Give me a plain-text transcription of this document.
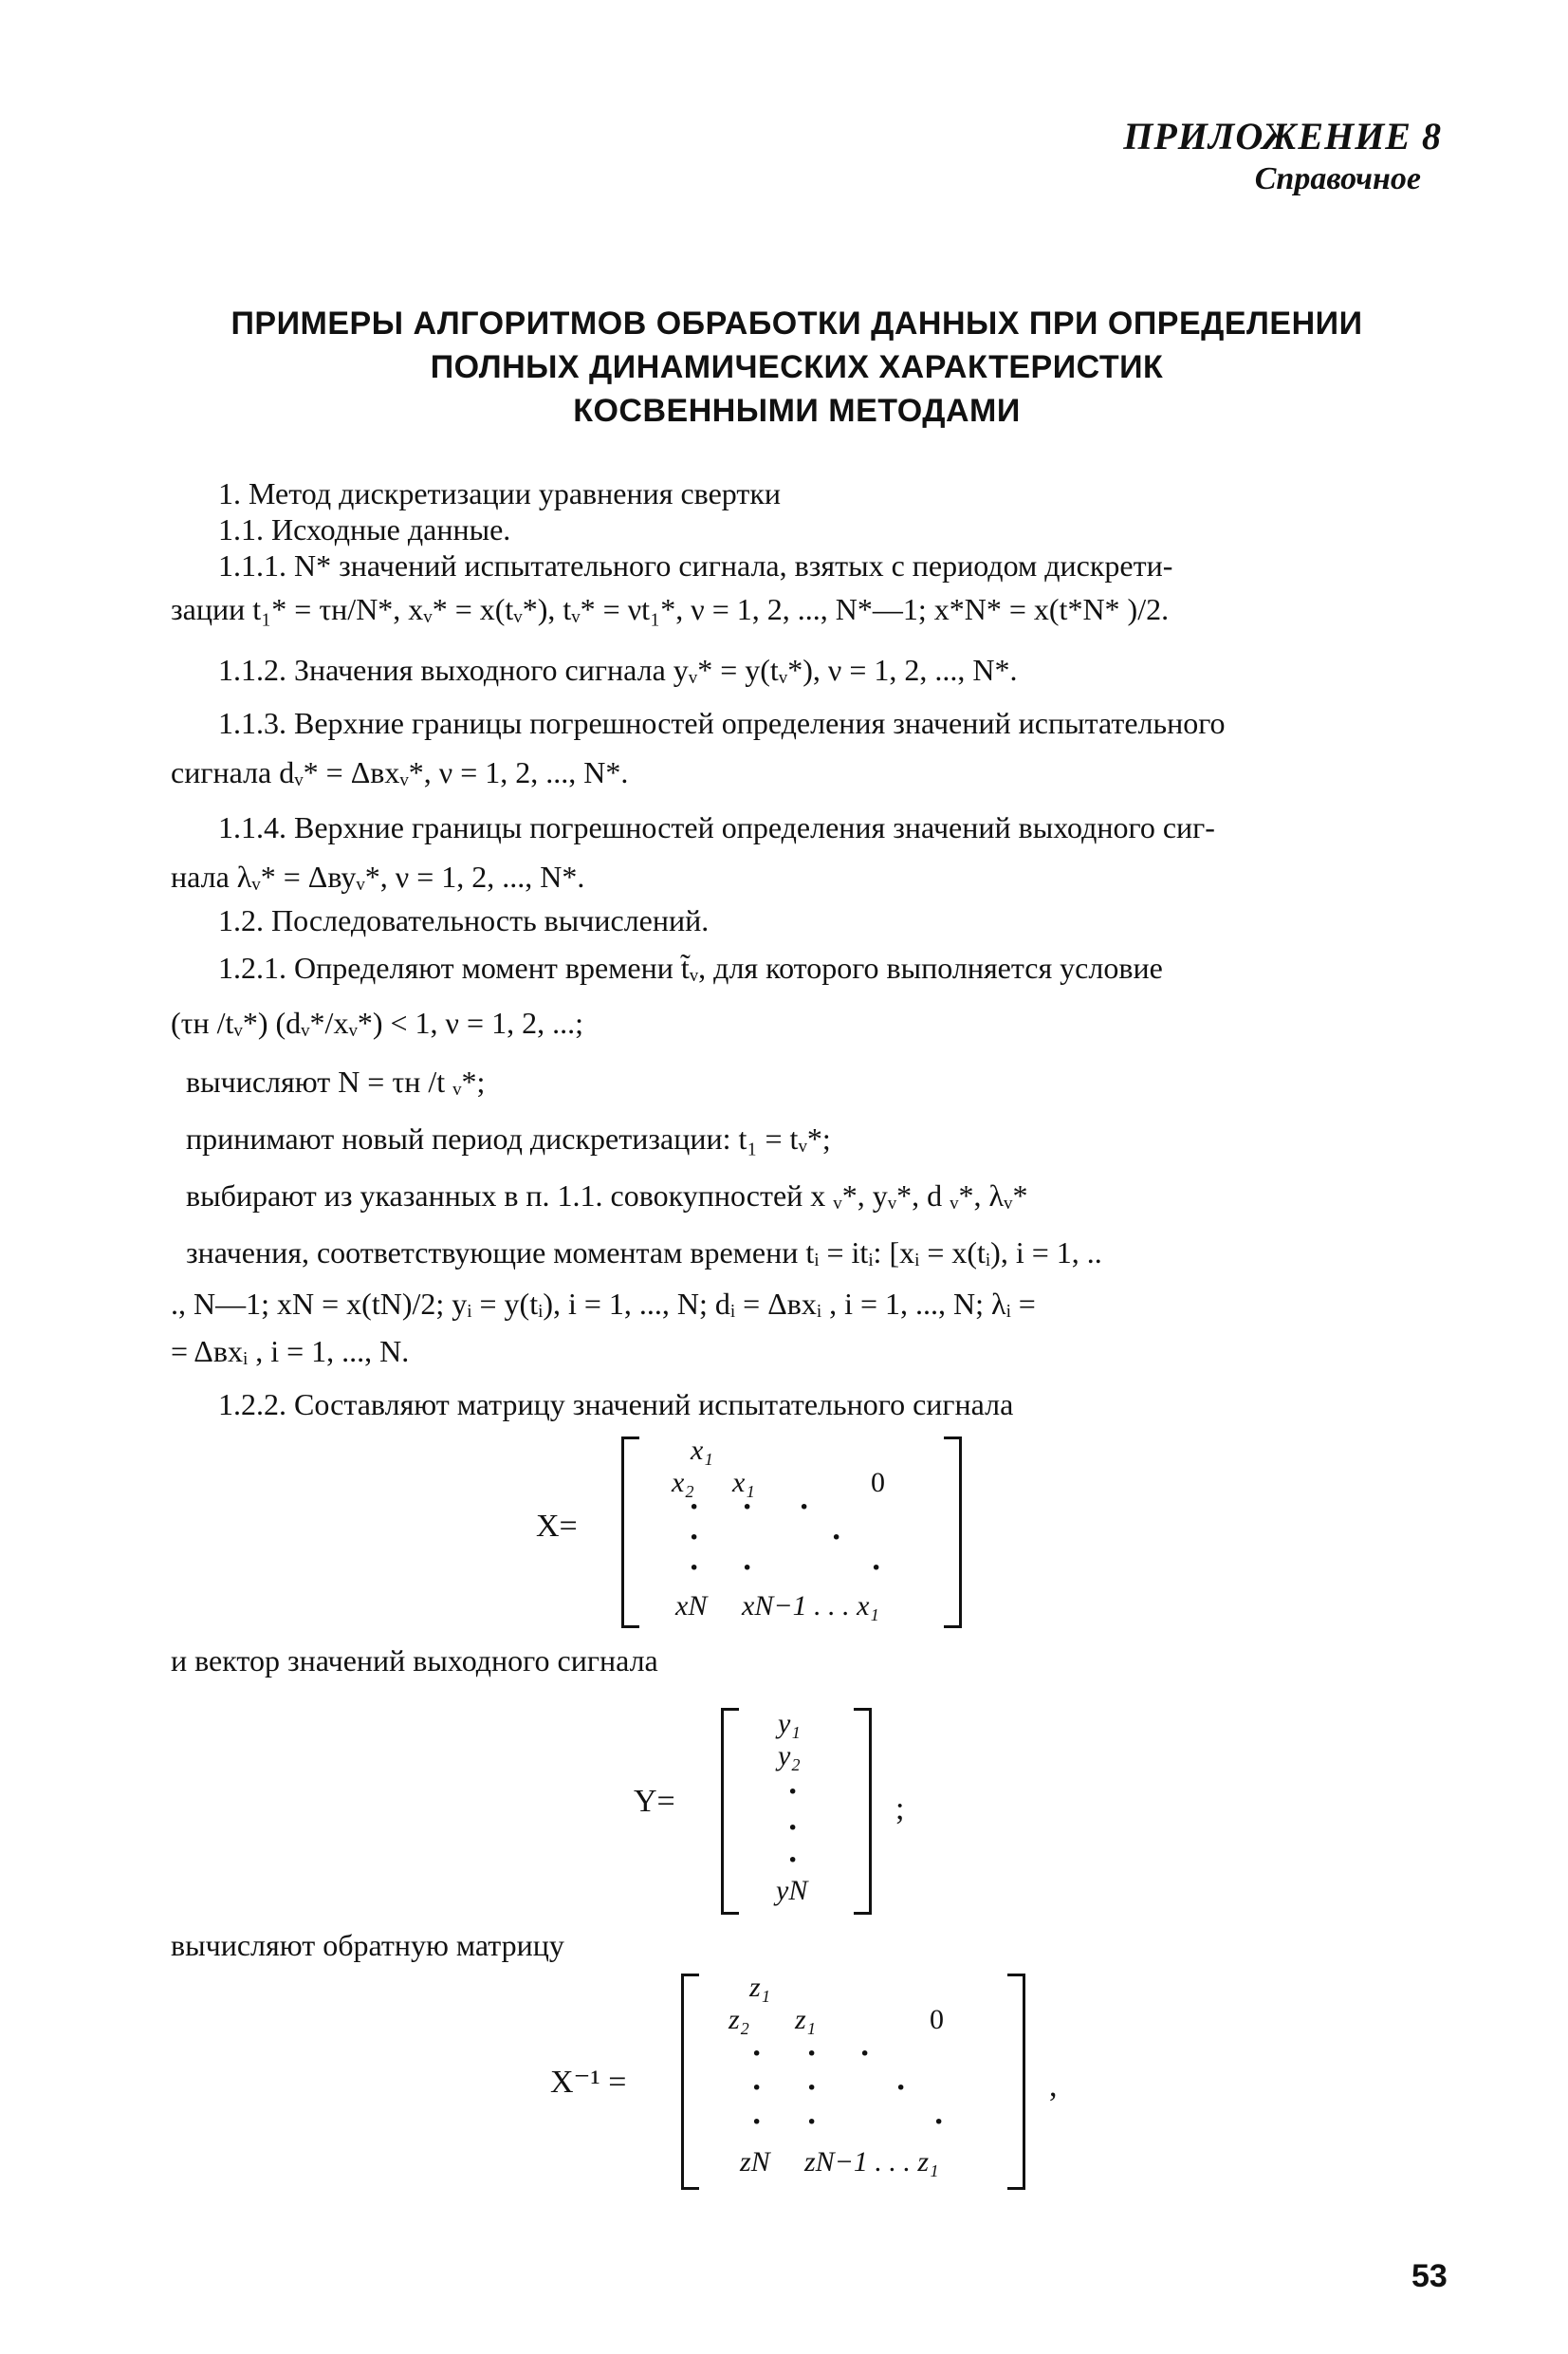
ПРИЛОЖЕНИЕ 8
Справочное
ПРИМЕРЫ АЛГОРИТМОВ ОБРАБОТКИ ДАННЫХ ПРИ ОПРЕДЕЛЕНИИ
ПОЛНЫХ ДИНАМИЧЕСКИХ ХАРАКТЕРИСТИК
КОСВЕННЫМИ МЕТОДАМИ
1. Метод дискретизации уравнения свертки
1.1. Исходные данные.
1.1.1. N* значений испытательного сигнала, взятых с периодом дискрети-
зации t₁* = τн/N*, xᵥ* = x(tᵥ*), tᵥ* = νt₁*, ν = 1, 2, ..., N*—1; x*N* = x(t*N* )/2.
1.1.2. Значения выходного сигнала yᵥ* = y(tᵥ*), ν = 1, 2, ..., N*.
1.1.3. Верхние границы погрешностей определения значений испытательного
сигнала dᵥ* = Δвхᵥ*, ν = 1, 2, ..., N*.
1.1.4. Верхние границы погрешностей определения значений выходного сиг-
нала λᵥ* = Δвуᵥ*, ν = 1, 2, ..., N*.
1.2. Последовательность вычислений.
1.2.1. Определяют момент времени t̃ᵥ, для которого выполняется условие
(τн /tᵥ*) (dᵥ*/xᵥ*) < 1, ν = 1, 2, ...;
вычисляют N = τн /t ᵥ*;
принимают новый период дискретизации: t₁ = tᵥ*;
выбирают из указанных в п. 1.1. совокупностей x ᵥ*, yᵥ*, d ᵥ*, λᵥ*
значения, соответствующие моментам времени tᵢ = itᵢ: [xᵢ = x(tᵢ), i = 1, ..
., N—1; xN = x(tN)/2; yᵢ = y(tᵢ), i = 1, ..., N; dᵢ = Δвхᵢ , i = 1, ..., N; λᵢ =
= Δвхᵢ , i = 1, ..., N.
1.2.2. Составляют матрицу значений испытательного сигнала
X=
x₁
x₂ x₁	0
· · ·
·	·
· ·	·
xN xN−1 . . . x₁
и вектор значений выходного сигнала
Y=
y₁
y₂
·
·
·
yN
;
вычисляют обратную матрицу
X⁻¹ =
z₁
z₂ z₁	0
· · ·
· · ·
· ·	·
zN zN−1 . . . z₁
,
53
